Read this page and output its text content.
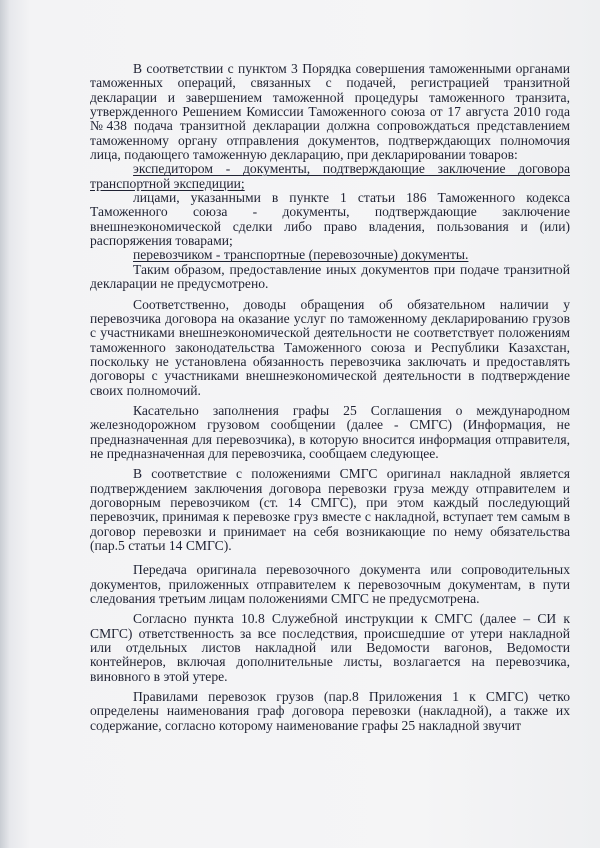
В соответствии с пунктом 3 Порядка совершения таможенными органами таможенных операций, связанных с подачей, регистрацией транзитной декларации и завершением таможенной процедуры таможенного транзита, утвержденного Решением Комиссии Таможенного союза от 17 августа 2010 года №438 подача транзитной декларации должна сопровождаться представлением таможенному органу отправления документов, подтверждающих полномочия лица, подающего таможенную декларацию, при декларировании товаров:

экспедитором - документы, подтверждающие заключение договора транспортной экспедиции;

лицами, указанными в пункте 1 статьи 186 Таможенного кодекса Таможенного союза - документы, подтверждающие заключение внешнеэкономической сделки либо право владения, пользования и (или) распоряжения товарами;

перевозчиком - транспортные (перевозочные) документы.

Таким образом, предоставление иных документов при подаче транзитной декларации не предусмотрено.

Соответственно, доводы обращения об обязательном наличии у перевозчика договора на оказание услуг по таможенному декларированию грузов с участниками внешнеэкономической деятельности не соответствует положениям таможенного законодательства Таможенного союза и Республики Казахстан, поскольку не установлена обязанность перевозчика заключать и предоставлять договоры с участниками внешнеэкономической деятельности в подтверждение своих полномочий.

Касательно заполнения графы 25 Соглашения о международном железнодорожном грузовом сообщении (далее - СМГС) (Информация, не предназначенная для перевозчика), в которую вносится информация отправителя, не предназначенная для перевозчика, сообщаем следующее.

В соответствие с положениями СМГС оригинал накладной является подтверждением заключения договора перевозки груза между отправителем и договорным перевозчиком (ст. 14 СМГС), при этом каждый последующий перевозчик, принимая к перевозке груз вместе с накладной, вступает тем самым в договор перевозки и принимает на себя возникающие по нему обязательства (пар.5 статьи 14 СМГС).

Передача оригинала перевозочного документа или сопроводительных документов, приложенных отправителем к перевозочным документам, в пути следования третьим лицам положениями СМГС не предусмотрена.

Согласно пункта 10.8 Служебной инструкции к СМГС (далее – СИ к СМГС) ответственность за все последствия, происшедшие от утери накладной или отдельных листов накладной или Ведомости вагонов, Ведомости контейнеров, включая дополнительные листы, возлагается на перевозчика, виновного в этой утере.

Правилами перевозок грузов (пар.8 Приложения 1 к СМГС) четко определены наименования граф договора перевозки (накладной), а также их содержание, согласно которому наименование графы 25 накладной звучит
